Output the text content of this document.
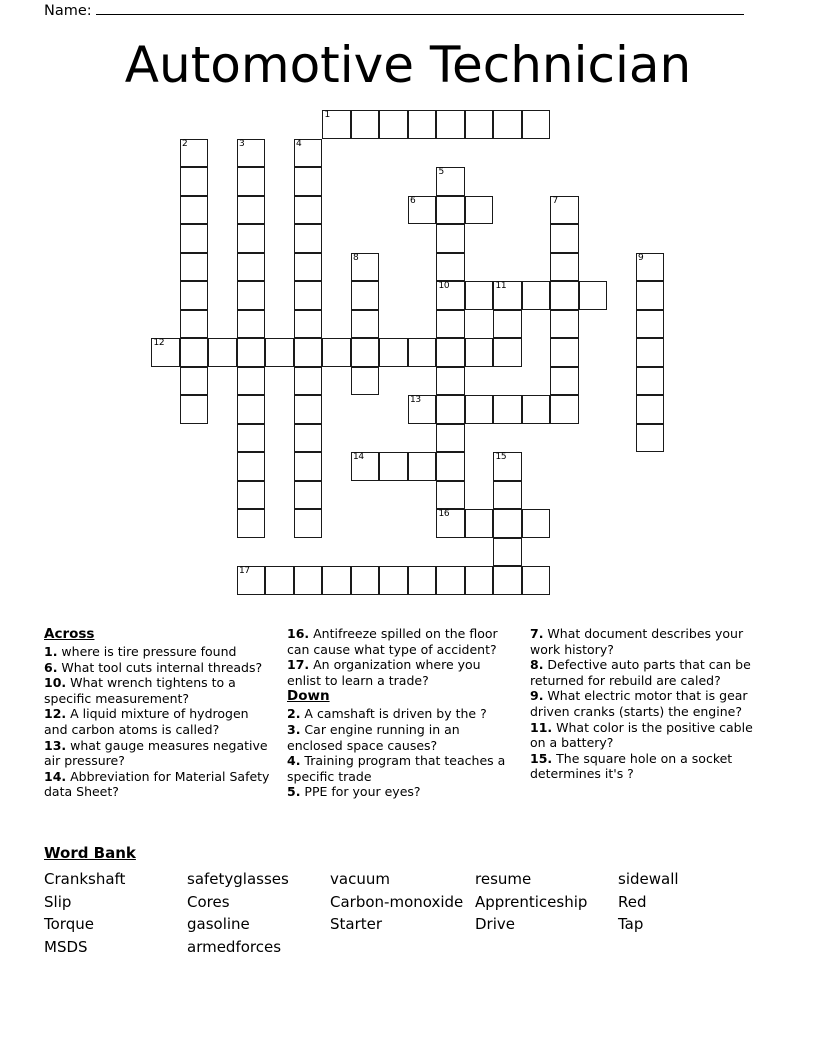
Name:
Automotive Technician
1
2	3	4
5
6	7
8	9
10	11
12
13
14	15
16
17
Across

1. where is tire pressure found

6. What tool cuts internal threads?

10. What wrench tightens to a specific measurement?

12. A liquid mixture of hydrogen and carbon atoms is called?

13. what gauge measures negative air pressure?

14. Abbreviation for Material Safety data Sheet?

16. Antifreeze spilled on the floor can cause what type of accident?

17. An organization where you enlist to learn a trade?

Down

2. A camshaft is driven by the ?

3. Car engine running in an enclosed space causes?

4. Training program that teaches a specific trade

5. PPE for your eyes?

7. What document describes your work history?

8. Defective auto parts that can be returned for rebuild are caled?

9. What electric motor that is gear driven cranks (starts) the engine?

11. What color is the positive cable on a battery?

15. The square hole on a socket determines it's ?

Word Bank
Crankshaft
Slip
Torque
MSDS
safetyglasses
Cores
gasoline
armedforces
vacuum
Carbon-monoxide
Starter
resume
Apprenticeship
Drive
sidewall
Red
Tap
